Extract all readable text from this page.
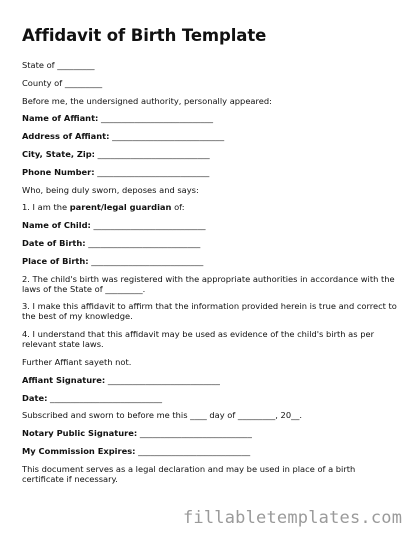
Affidavit of Birth Template

State of _________

County of _________

Before me, the undersigned authority, personally appeared:

Name of Affiant: ___________________________

Address of Affiant: ___________________________

City, State, Zip: ___________________________

Phone Number: ___________________________

Who, being duly sworn, deposes and says:

1. I am the parent/legal guardian of:

Name of Child: ___________________________

Date of Birth: ___________________________

Place of Birth: ___________________________

2. The child's birth was registered with the appropriate authorities in accordance with the laws of the State of _________.

3. I make this affidavit to affirm that the information provided herein is true and correct to the best of my knowledge.

4. I understand that this affidavit may be used as evidence of the child's birth as per relevant state laws.

Further Affiant sayeth not.

Affiant Signature: ___________________________

Date: ___________________________

Subscribed and sworn to before me this ____ day of _________, 20__.

Notary Public Signature: ___________________________

My Commission Expires: ___________________________

This document serves as a legal declaration and may be used in place of a birth certificate if necessary.

fillabletemplates.com
